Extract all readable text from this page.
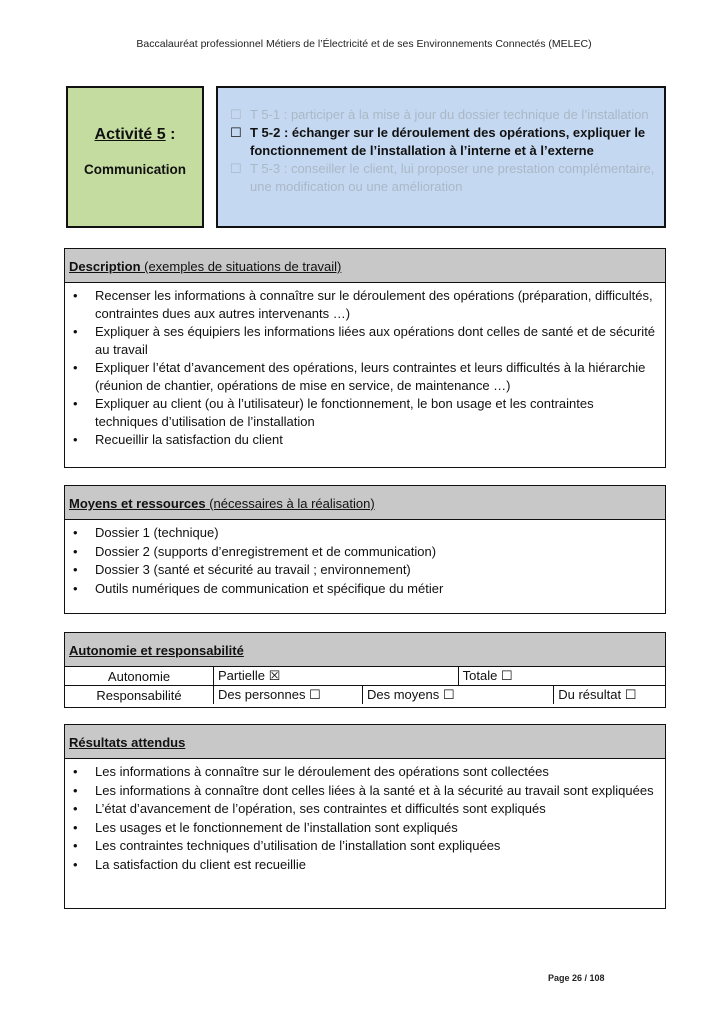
Baccalauréat professionnel Métiers de l’Électricité et de ses Environnements Connectés (MELEC)
Activité 5 :
Communication
☐ T 5-1 : participer à la mise à jour du dossier technique de l’installation
☐ T 5-2 : échanger sur le déroulement des opérations, expliquer le fonctionnement de l’installation à l’interne et à l’externe
☐ T 5-3 : conseiller le client, lui proposer une prestation complémentaire, une modification ou une amélioration
Description (exemples de situations de travail)
•	Recenser les informations à connaître sur le déroulement des opérations (préparation, difficultés, contraintes dues aux autres intervenants …)
•	Expliquer à ses équipiers les informations liées aux opérations dont celles de santé et de sécurité au travail
•	Expliquer l’état d’avancement des opérations, leurs contraintes et leurs difficultés à la hiérarchie (réunion de chantier, opérations de mise en service, de maintenance …)
•	Expliquer au client (ou à l’utilisateur) le fonctionnement, le bon usage et les contraintes techniques d’utilisation de l’installation
•	Recueillir la satisfaction du client
Moyens et ressources (nécessaires à la réalisation)
•	Dossier 1 (technique)
•	Dossier 2 (supports d’enregistrement et de communication)
•	Dossier 3 (santé et sécurité au travail ; environnement)
•	Outils numériques de communication et spécifique du métier
Autonomie et responsabilité
Autonomie	Partielle ☒		Totale ☐	
Responsabilité	Des personnes ☐	Des moyens ☐		Du résultat ☐
Résultats attendus
•	Les informations à connaître sur le déroulement des opérations sont collectées
•	Les informations à connaître dont celles liées à la santé et à la sécurité au travail sont expliquées
•	L’état d’avancement de l’opération, ses contraintes et difficultés sont expliqués
•	Les usages et le fonctionnement de l’installation sont expliqués
•	Les contraintes techniques d’utilisation de l’installation sont expliquées
•	La satisfaction du client est recueillie
Page 26 / 108
